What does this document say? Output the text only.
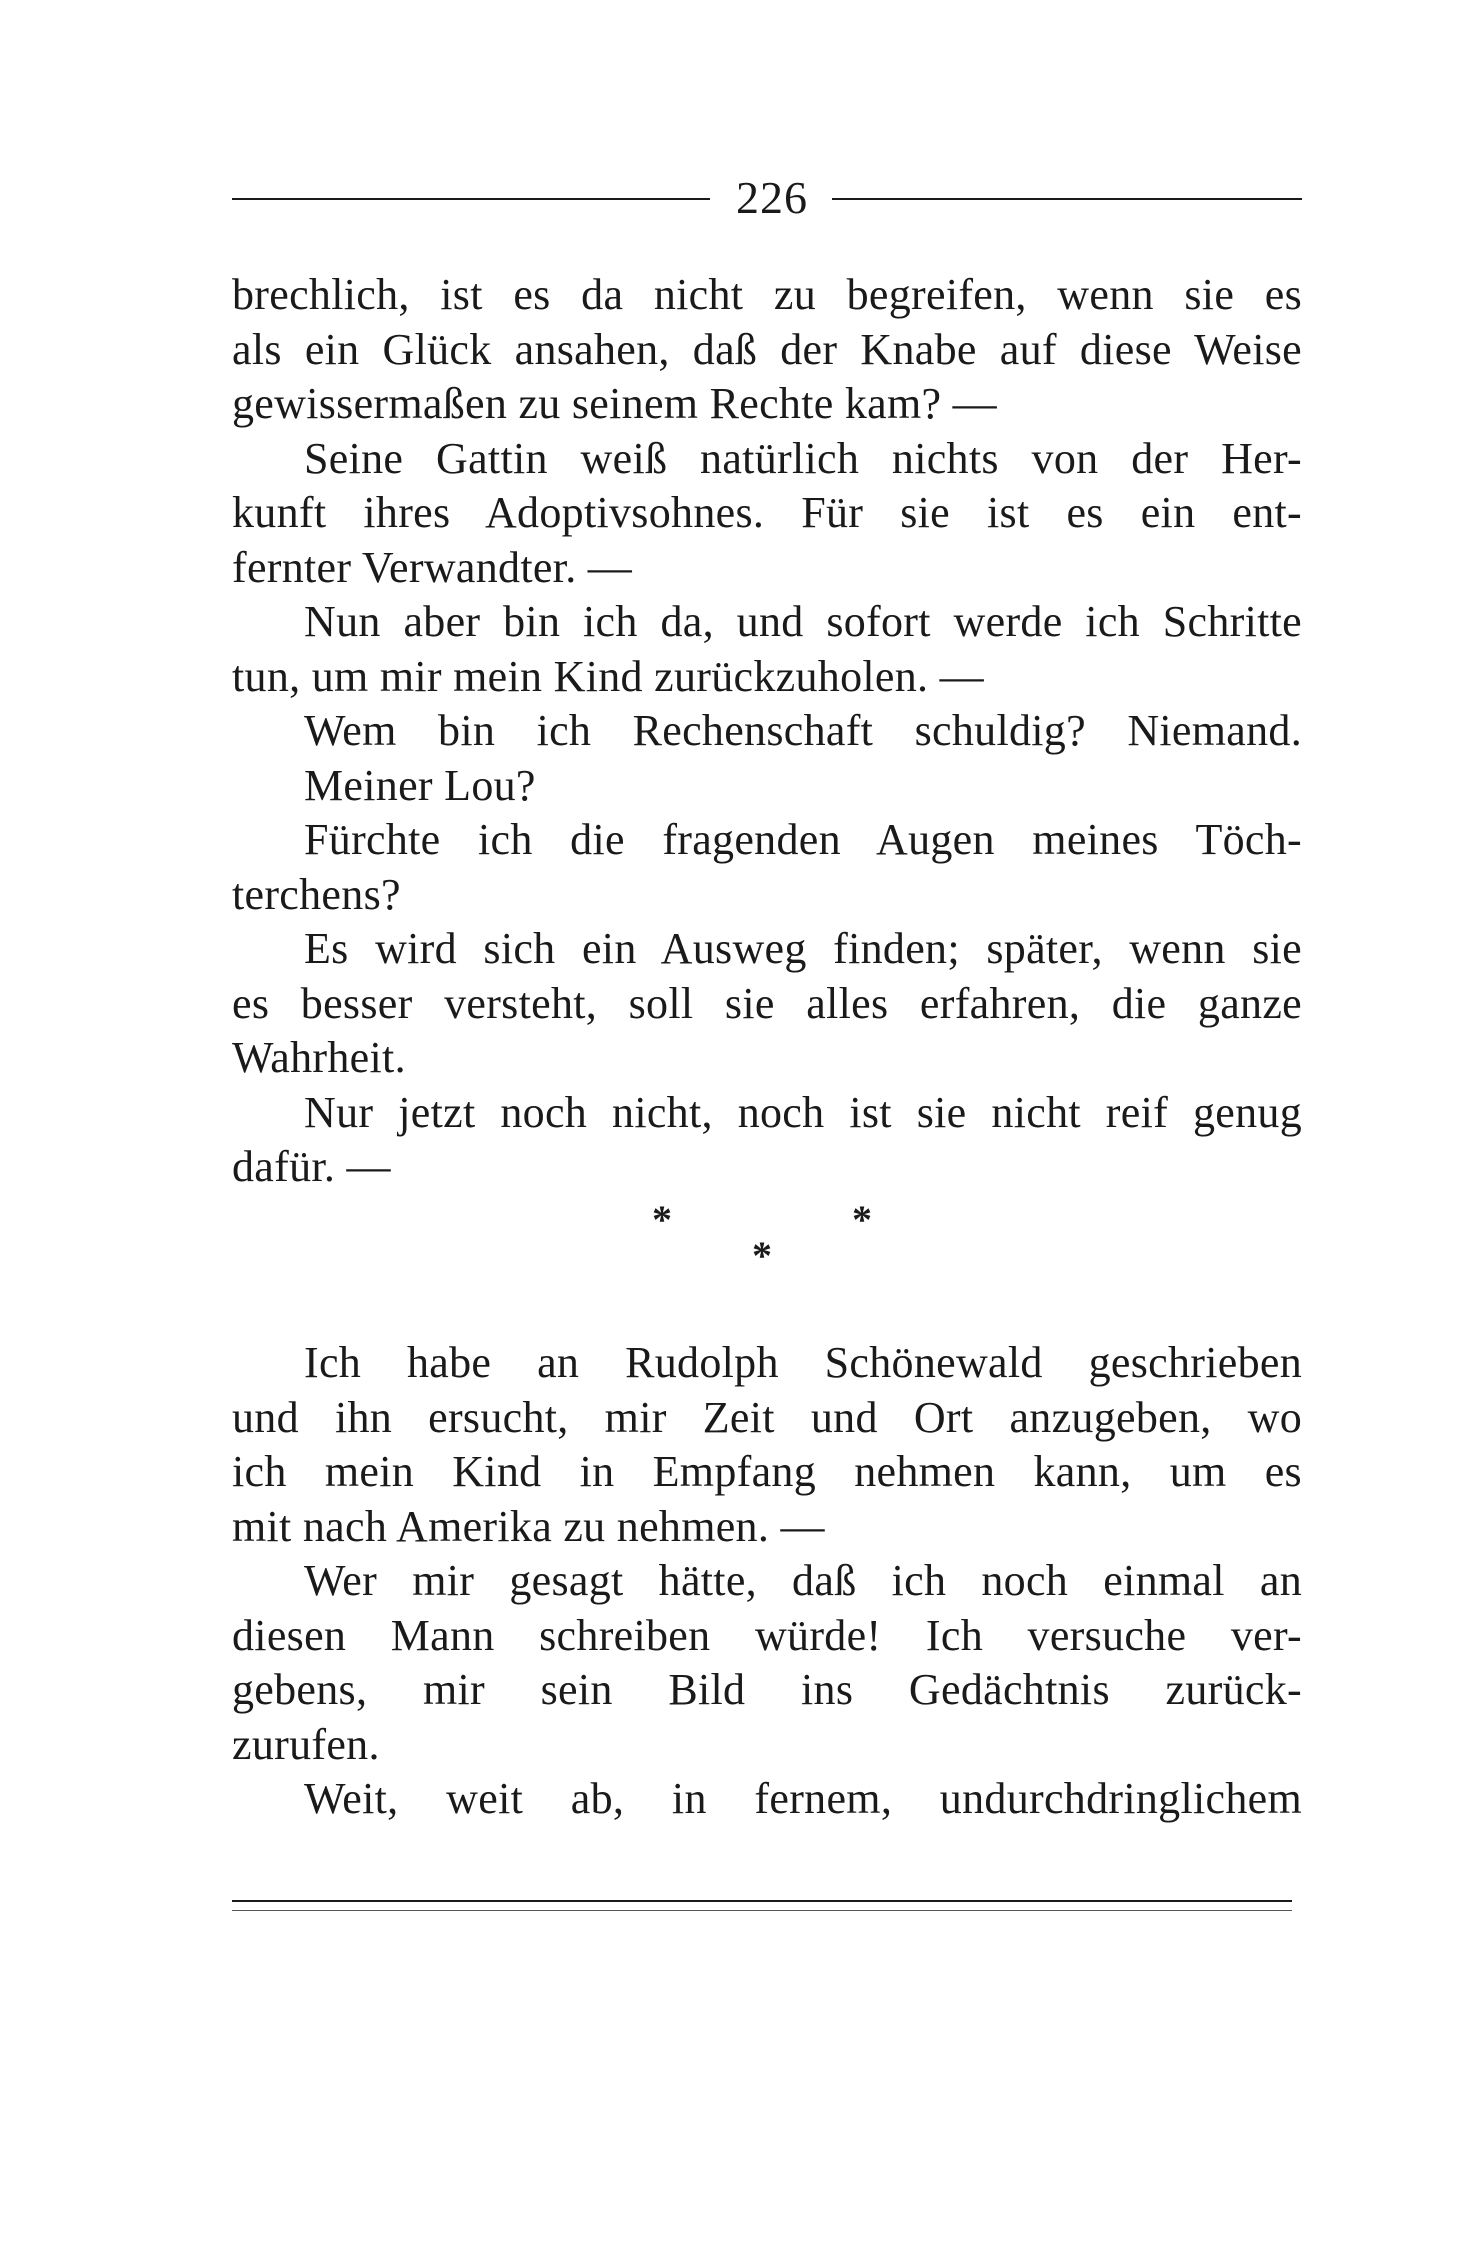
226
brechlich, ist es da nicht zu begreifen, wenn sie es
als ein Glück ansahen, daß der Knabe auf diese Weise
gewissermaßen zu seinem Rechte kam? —
Seine Gattin weiß natürlich nichts von der Her-
kunft ihres Adoptivsohnes. Für sie ist es ein ent-
fernter Verwandter. —
Nun aber bin ich da, und sofort werde ich Schritte
tun, um mir mein Kind zurückzuholen. —
Wem bin ich Rechenschaft schuldig? Niemand.
Meiner Lou?
Fürchte ich die fragenden Augen meines Töch-
terchens?
Es wird sich ein Ausweg finden; später, wenn sie
es besser versteht, soll sie alles erfahren, die ganze
Wahrheit.
Nur jetzt noch nicht, noch ist sie nicht reif genug
dafür. —
*	*
*
Ich habe an Rudolph Schönewald geschrieben
und ihn ersucht, mir Zeit und Ort anzugeben, wo
ich mein Kind in Empfang nehmen kann, um es
mit nach Amerika zu nehmen. —
Wer mir gesagt hätte, daß ich noch einmal an
diesen Mann schreiben würde! Ich versuche ver-
gebens, mir sein Bild ins Gedächtnis zurück-
zurufen.
Weit, weit ab, in fernem, undurchdringlichem
